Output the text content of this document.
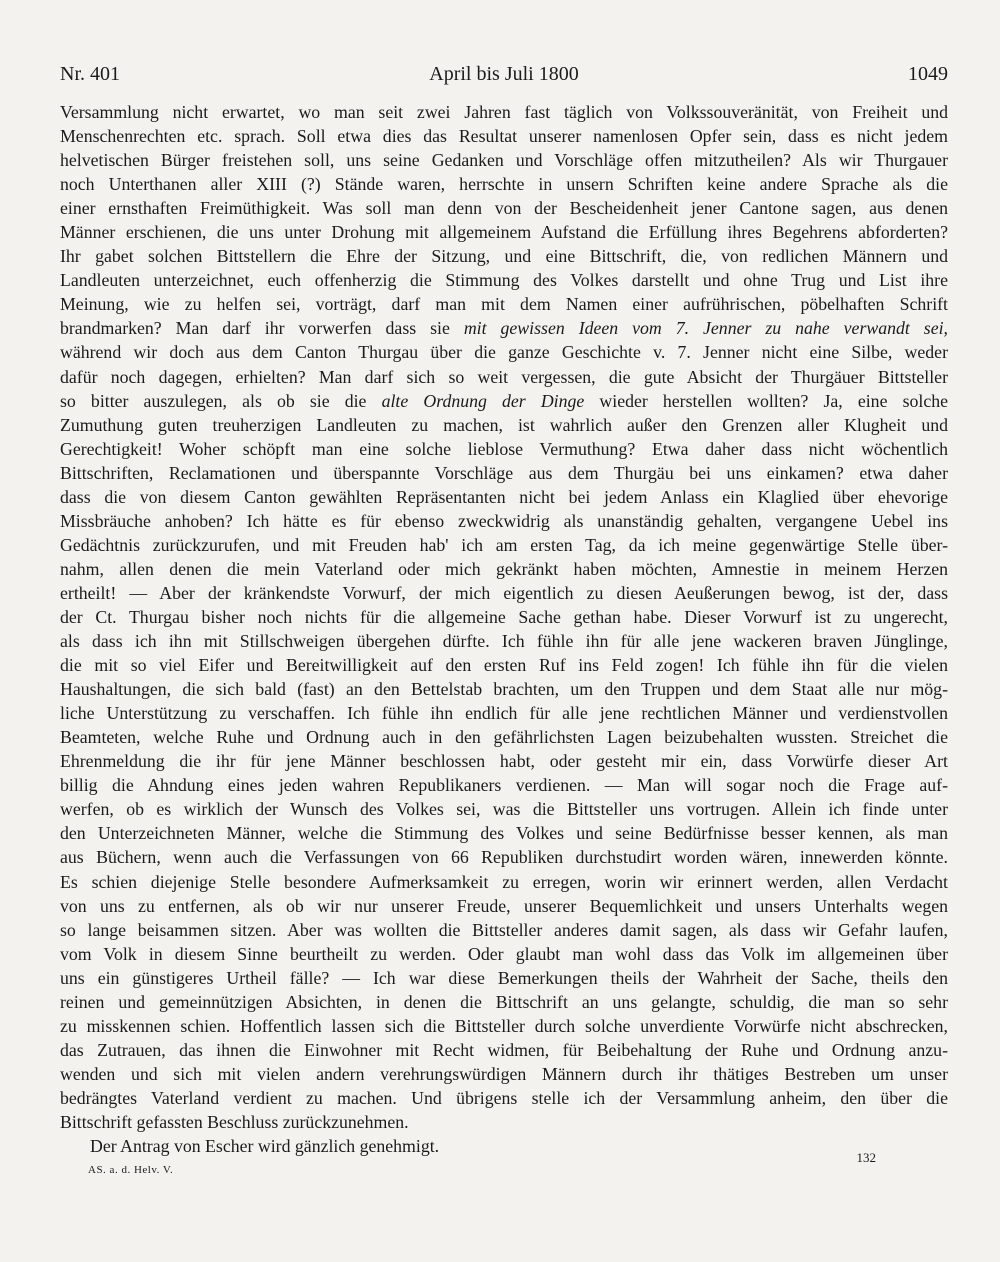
Nr. 401	April bis Juli 1800	1049
Versammlung nicht erwartet, wo man seit zwei Jahren fast täglich von Volkssouveränität, von Freiheit und
Menschenrechten etc. sprach. Soll etwa dies das Resultat unserer namenlosen Opfer sein, dass es nicht jedem
helvetischen Bürger freistehen soll, uns seine Gedanken und Vorschläge offen mitzutheilen? Als wir Thurgauer
noch Unterthanen aller XIII (?) Stände waren, herrschte in unsern Schriften keine andere Sprache als die
einer ernsthaften Freimüthigkeit. Was soll man denn von der Bescheidenheit jener Cantone sagen, aus denen
Männer erschienen, die uns unter Drohung mit allgemeinem Aufstand die Erfüllung ihres Begehrens abforderten?
Ihr gabet solchen Bittstellern die Ehre der Sitzung, und eine Bittschrift, die, von redlichen Männern und
Landleuten unterzeichnet, euch offenherzig die Stimmung des Volkes darstellt und ohne Trug und List ihre
Meinung, wie zu helfen sei, vorträgt, darf man mit dem Namen einer aufrührischen, pöbelhaften Schrift
brandmarken? Man darf ihr vorwerfen dass sie mit gewissen Ideen vom 7. Jenner zu nahe verwandt sei,
während wir doch aus dem Canton Thurgau über die ganze Geschichte v. 7. Jenner nicht eine Silbe, weder
dafür noch dagegen, erhielten? Man darf sich so weit vergessen, die gute Absicht der Thurgäuer Bittsteller
so bitter auszulegen, als ob sie die alte Ordnung der Dinge wieder herstellen wollten? Ja, eine solche
Zumuthung guten treuherzigen Landleuten zu machen, ist wahrlich außer den Grenzen aller Klugheit und
Gerechtigkeit! Woher schöpft man eine solche lieblose Vermuthung? Etwa daher dass nicht wöchentlich
Bittschriften, Reclamationen und überspannte Vorschläge aus dem Thurgäu bei uns einkamen? etwa daher
dass die von diesem Canton gewählten Repräsentanten nicht bei jedem Anlass ein Klaglied über ehevorige
Missbräuche anhoben? Ich hätte es für ebenso zweckwidrig als unanständig gehalten, vergangene Uebel ins
Gedächtnis zurückzurufen, und mit Freuden hab' ich am ersten Tag, da ich meine gegenwärtige Stelle über-
nahm, allen denen die mein Vaterland oder mich gekränkt haben möchten, Amnestie in meinem Herzen
ertheilt! — Aber der kränkendste Vorwurf, der mich eigentlich zu diesen Aeußerungen bewog, ist der, dass
der Ct. Thurgau bisher noch nichts für die allgemeine Sache gethan habe. Dieser Vorwurf ist zu ungerecht,
als dass ich ihn mit Stillschweigen übergehen dürfte. Ich fühle ihn für alle jene wackeren braven Jünglinge,
die mit so viel Eifer und Bereitwilligkeit auf den ersten Ruf ins Feld zogen! Ich fühle ihn für die vielen
Haushaltungen, die sich bald (fast) an den Bettelstab brachten, um den Truppen und dem Staat alle nur mög-
liche Unterstützung zu verschaffen. Ich fühle ihn endlich für alle jene rechtlichen Männer und verdienstvollen
Beamteten, welche Ruhe und Ordnung auch in den gefährlichsten Lagen beizubehalten wussten. Streichet die
Ehrenmeldung die ihr für jene Männer beschlossen habt, oder gesteht mir ein, dass Vorwürfe dieser Art
billig die Ahndung eines jeden wahren Republikaners verdienen. — Man will sogar noch die Frage auf-
werfen, ob es wirklich der Wunsch des Volkes sei, was die Bittsteller uns vortrugen. Allein ich finde unter
den Unterzeichneten Männer, welche die Stimmung des Volkes und seine Bedürfnisse besser kennen, als man
aus Büchern, wenn auch die Verfassungen von 66 Republiken durchstudirt worden wären, innewerden könnte.
Es schien diejenige Stelle besondere Aufmerksamkeit zu erregen, worin wir erinnert werden, allen Verdacht
von uns zu entfernen, als ob wir nur unserer Freude, unserer Bequemlichkeit und unsers Unterhalts wegen
so lange beisammen sitzen. Aber was wollten die Bittsteller anderes damit sagen, als dass wir Gefahr laufen,
vom Volk in diesem Sinne beurtheilt zu werden. Oder glaubt man wohl dass das Volk im allgemeinen über
uns ein günstigeres Urtheil fälle? — Ich war diese Bemerkungen theils der Wahrheit der Sache, theils den
reinen und gemeinnützigen Absichten, in denen die Bittschrift an uns gelangte, schuldig, die man so sehr
zu misskennen schien. Hoffentlich lassen sich die Bittsteller durch solche unverdiente Vorwürfe nicht abschrecken,
das Zutrauen, das ihnen die Einwohner mit Recht widmen, für Beibehaltung der Ruhe und Ordnung anzu-
wenden und sich mit vielen andern verehrungswürdigen Männern durch ihr thätiges Bestreben um unser
bedrängtes Vaterland verdient zu machen. Und übrigens stelle ich der Versammlung anheim, den über die
Bittschrift gefassten Beschluss zurückzunehmen.
Der Antrag von Escher wird gänzlich genehmigt.
AS. a. d. Helv. V.
132
